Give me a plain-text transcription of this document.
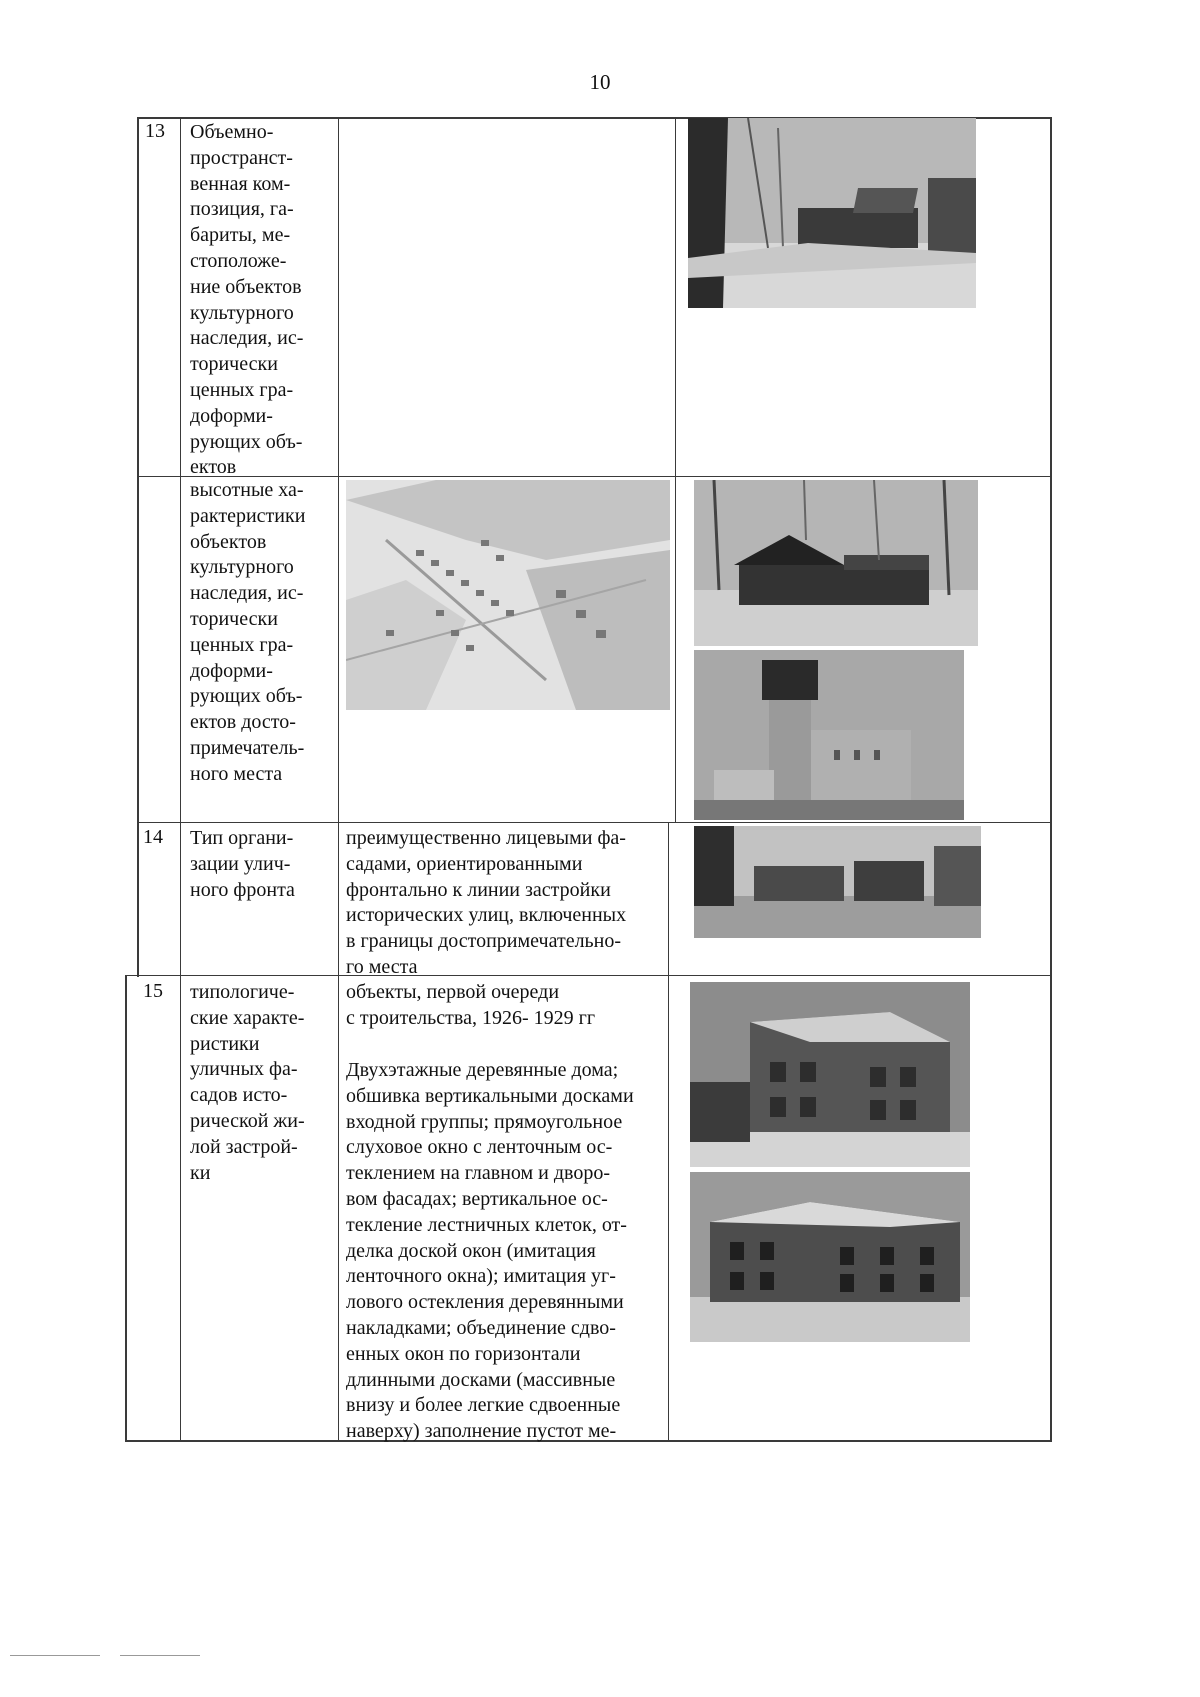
10
13 Объемно-
пространст-
венная ком-
позиция, га-
бариты, ме-
стоположе-
ние объектов
культурного
наследия, ис-
торически
ценных гра-
доформи-
рующих объ-
ектов
высотные ха-
рактеристики
объектов
культурного
наследия, ис-
торически
ценных гра-
доформи-
рующих объ-
ектов досто-
примечатель-
ного места
14 Тип органи-
зации улич-
ного фронта
преимущественно лицевыми фа-
садами, ориентированными
фронтально к линии застройки
исторических улиц, включенных
в границы достопримечательно-
го места
15 типологиче-
ские характе-
ристики
уличных фа-
садов исто-
рической жи-
лой застрой-
ки
объекты, первой очереди
с троительства, 1926- 1929 гг
Двухэтажные деревянные дома;
обшивка вертикальными досками
входной группы; прямоугольное
слуховое окно с ленточным ос-
теклением на главном и дворо-
вом фасадах; вертикальное ос-
текление лестничных клеток, от-
делка доской окон (имитация
ленточного окна); имитация уг-
лового остекления деревянными
накладками; объединение сдво-
енных окон по горизонтали
длинными досками (массивные
внизу и более легкие сдвоенные
наверху) заполнение пустот ме-
